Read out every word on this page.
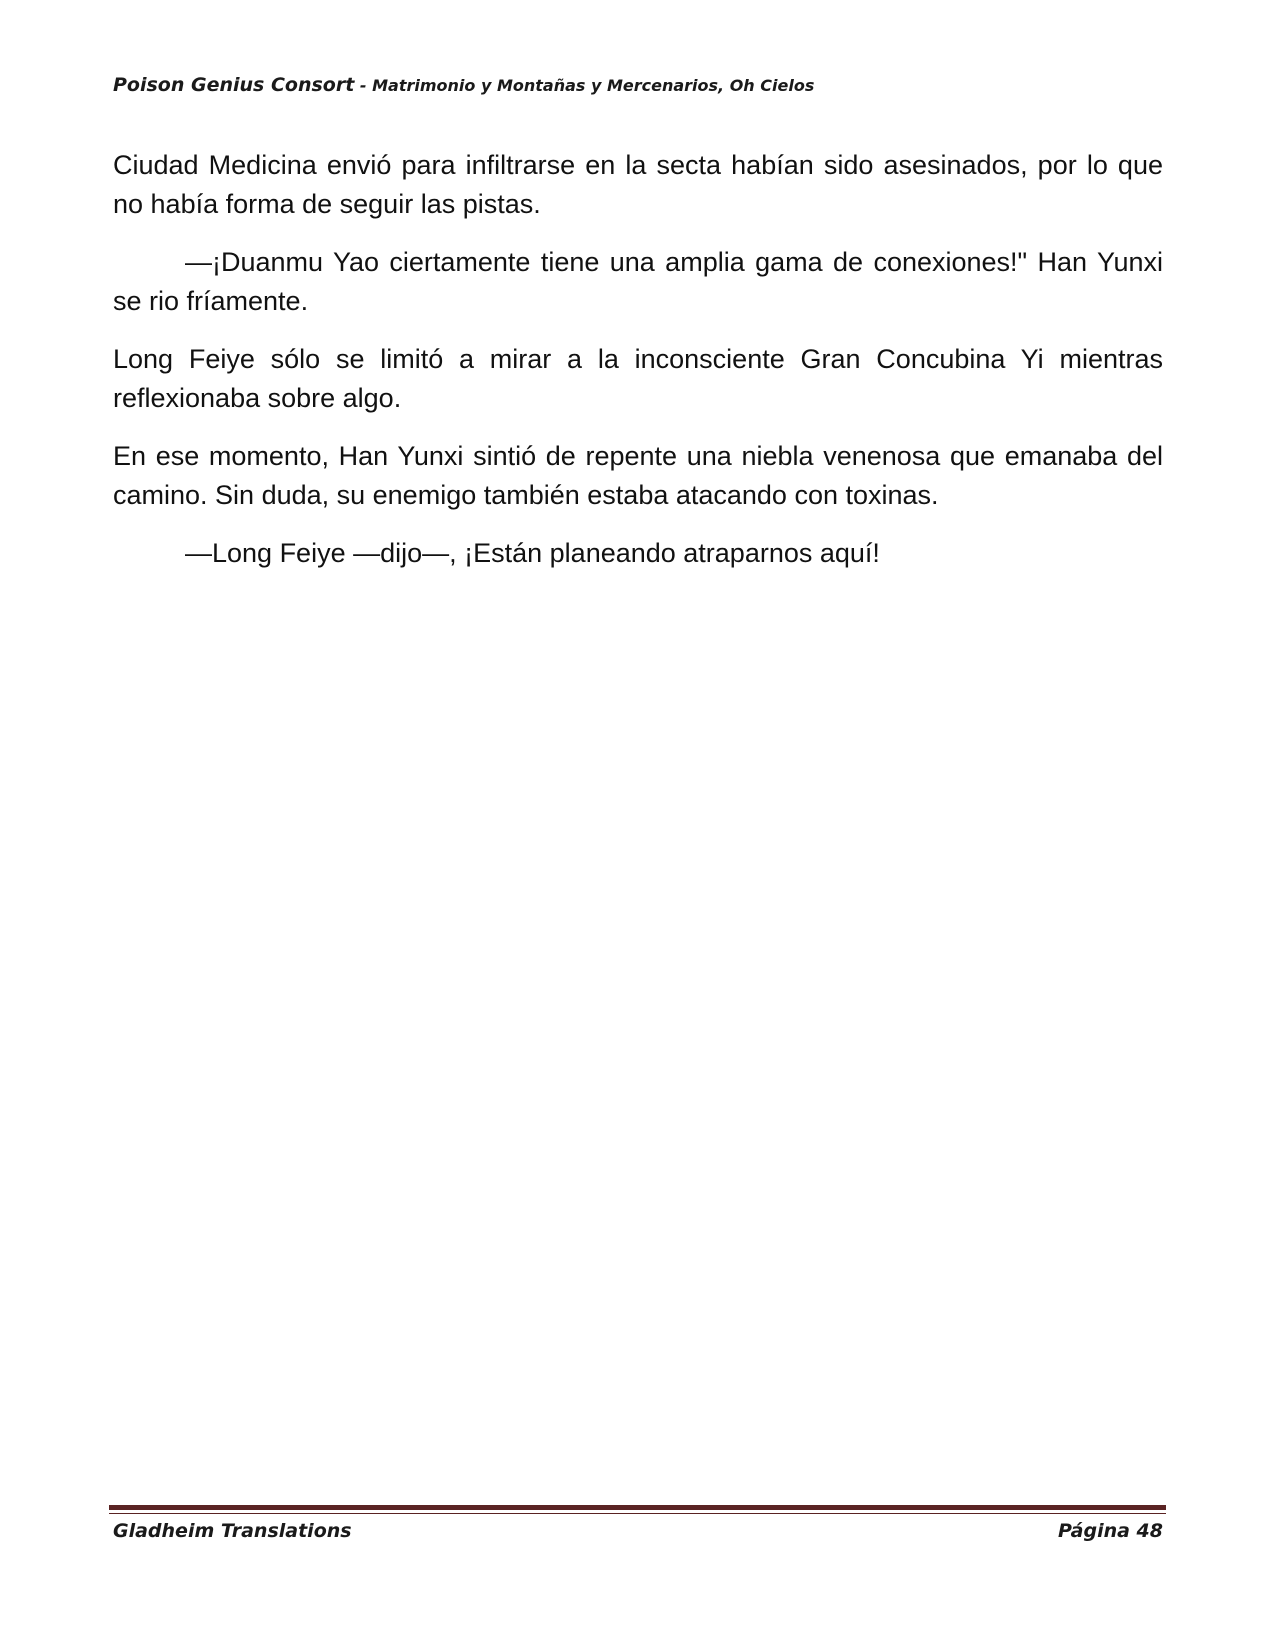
Poison Genius Consort - Matrimonio y Montañas y Mercenarios, Oh Cielos

Ciudad Medicina envió para infiltrarse en la secta habían sido asesinados, por lo que no había forma de seguir las pistas.

—¡Duanmu Yao ciertamente tiene una amplia gama de conexiones!" Han Yunxi se rio fríamente.

Long Feiye sólo se limitó a mirar a la inconsciente Gran Concubina Yi mientras reflexionaba sobre algo.

En ese momento, Han Yunxi sintió de repente una niebla venenosa que emanaba del camino. Sin duda, su enemigo también estaba atacando con toxinas.

—Long Feiye —dijo—, ¡Están planeando atraparnos aquí!

Gladheim Translations	Página 48
